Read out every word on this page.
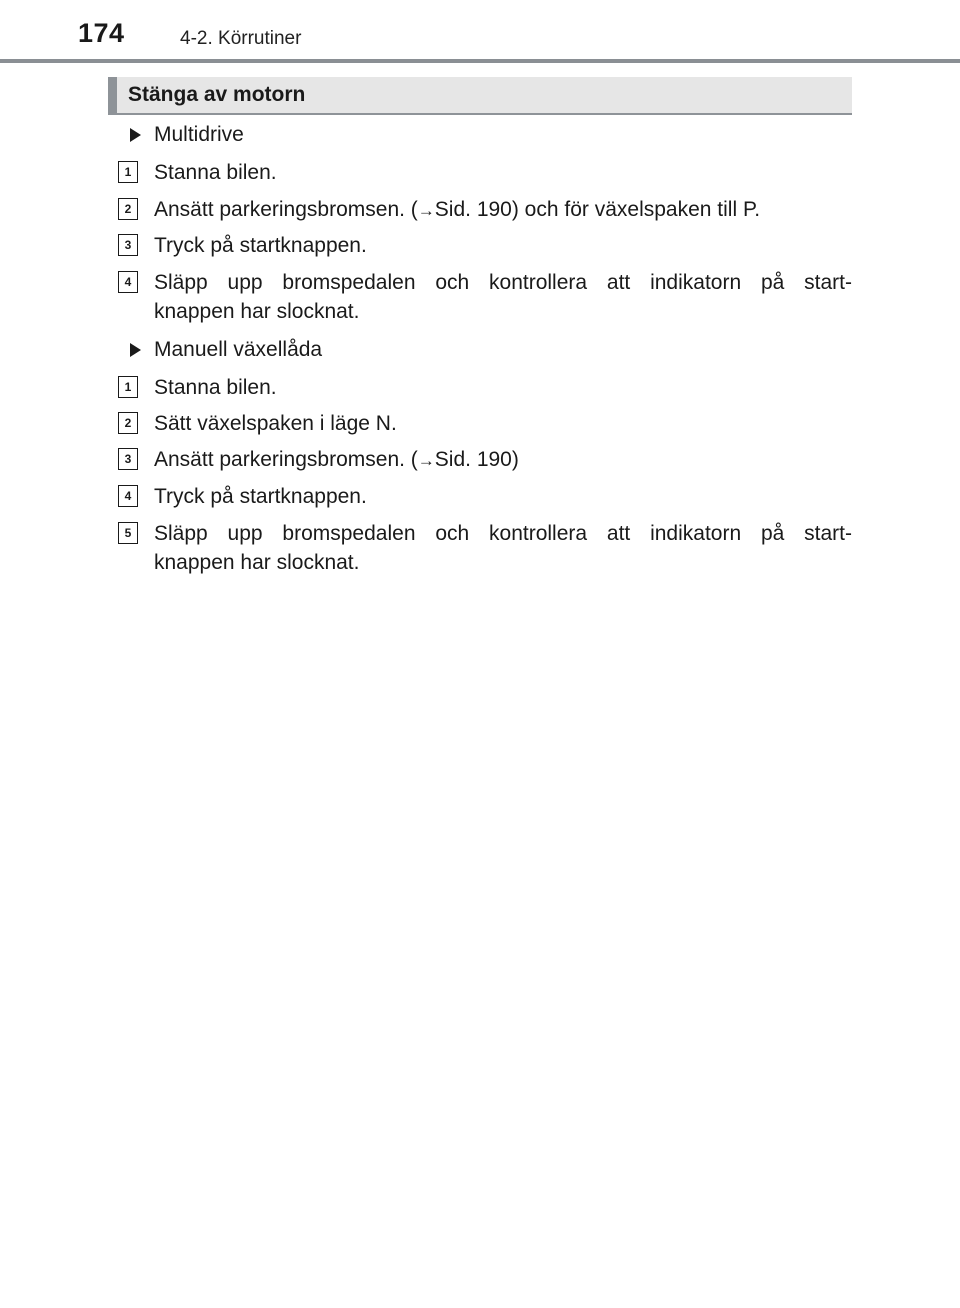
174	4-2. Körrutiner
Stänga av motorn
Multidrive
1	Stanna bilen.
2	Ansätt parkeringsbromsen. (→Sid. 190) och för växelspaken till P.
3	Tryck på startknappen.
4	Släpp upp bromspedalen och kontrollera att indikatorn på start-
knappen har slocknat.
Manuell växellåda
1	Stanna bilen.
2	Sätt växelspaken i läge N.
3	Ansätt parkeringsbromsen. (→Sid. 190)
4	Tryck på startknappen.
5	Släpp upp bromspedalen och kontrollera att indikatorn på start-
knappen har slocknat.
